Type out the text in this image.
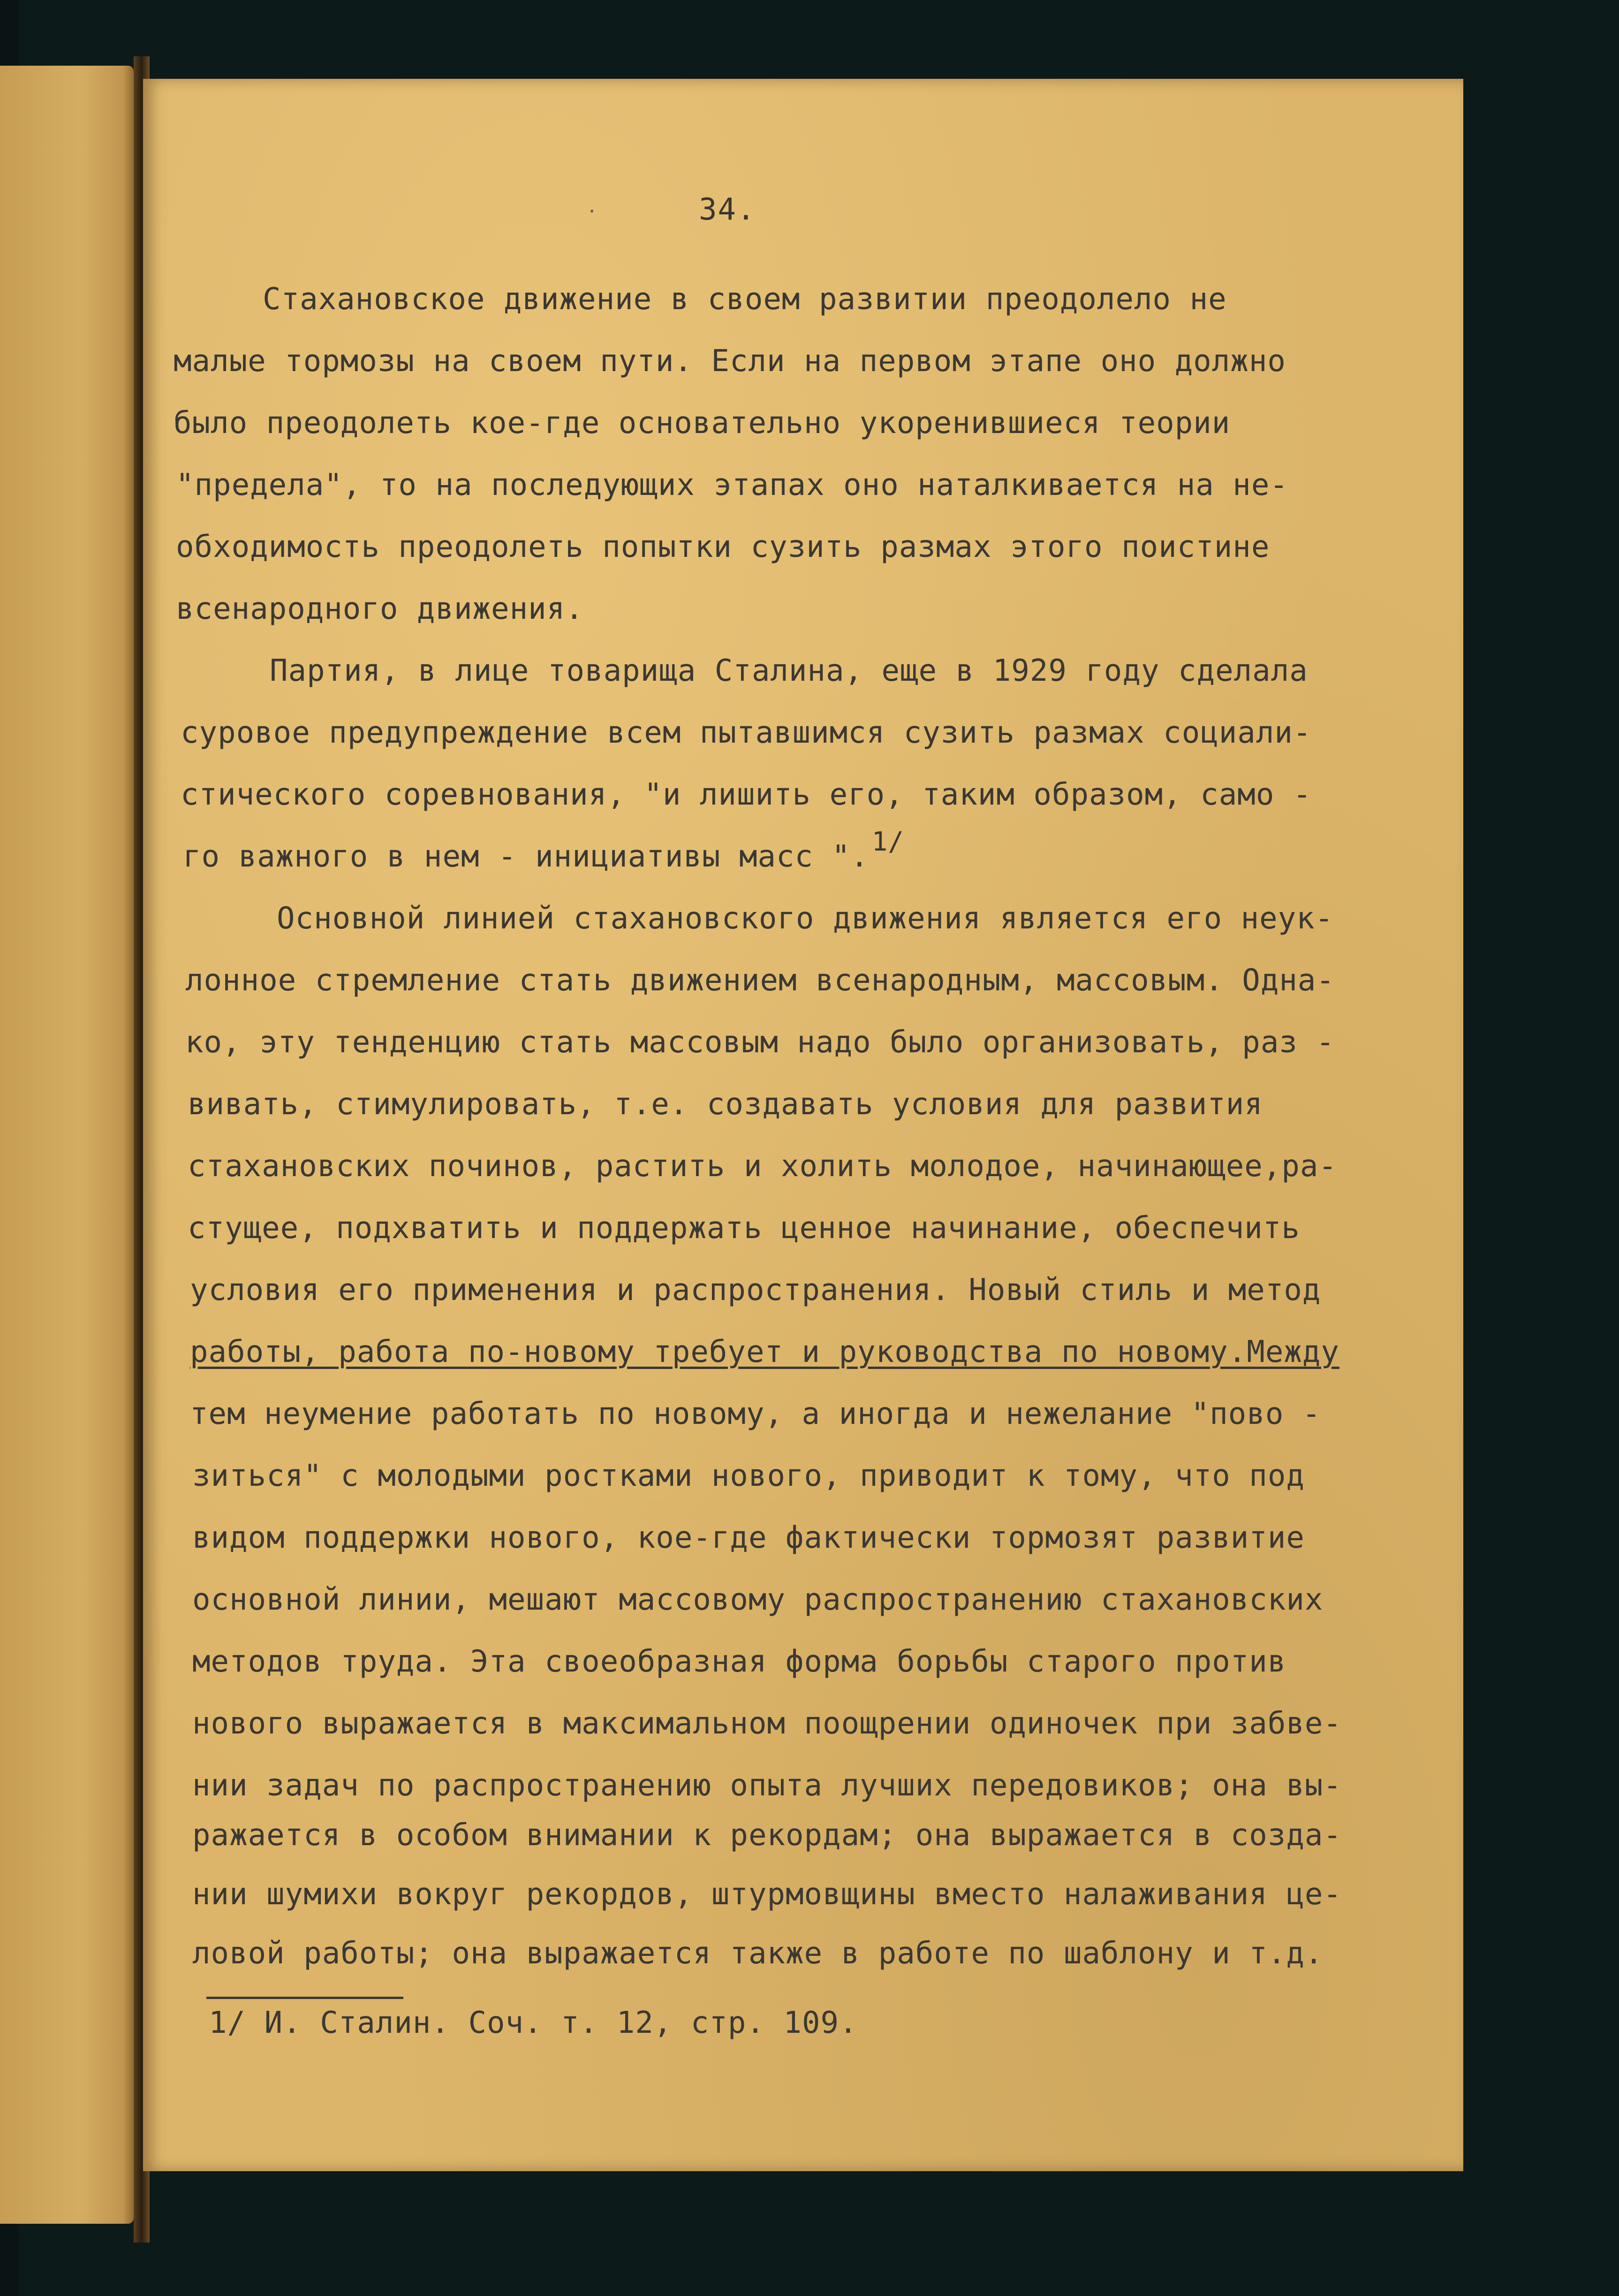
·	34.

Стахановское движение в своем развитии преодолело не

малые тормозы на своем пути. Если на первом этапе оно должно

было преодолеть кое-где основательно укоренившиеся теории

"предела", то на последующих этапах оно наталкивается на не-

обходимость преодолеть попытки сузить размах этого поистине

всенародного движения.

Партия, в лице товарища Сталина, еще в 1929 году сделала

суровое предупреждение всем пытавшимся сузить размах социали-

стического соревнования, "и лишить его, таким образом, само -

го важного в нем - инициативы масс ". 1/

Основной линией стахановского движения является его неук-

лонное стремление стать движением всенародным, массовым. Одна-

ко, эту тенденцию стать массовым надо было организовать, раз -

вивать, стимулировать, т.е. создавать условия для развития

стахановских починов, растить и холить молодое, начинающее,ра-

стущее, подхватить и поддержать ценное начинание, обеспечить

условия его применения и распространения. Новый стиль и метод

работы, работа по-новому требует и руководства по новому.Между

тем неумение работать по новому, а иногда и нежелание "пово -

зиться" с молодыми ростками нового, приводит к тому, что под

видом поддержки нового, кое-где фактически тормозят развитие

основной линии, мешают массовому распространению стахановских

методов труда. Эта своеобразная форма борьбы старого против

нового выражается в максимальном поощрении одиночек при забве-

нии задач по распространению опыта лучших передовиков; она вы-

ражается в особом внимании к рекордам; она выражается в созда-

нии шумихи вокруг рекордов, штурмовщины вместо налаживания це-

ловой работы; она выражается также в работе по шаблону и т.д.

1/ И. Сталин. Соч. т. 12, стр. 109.
